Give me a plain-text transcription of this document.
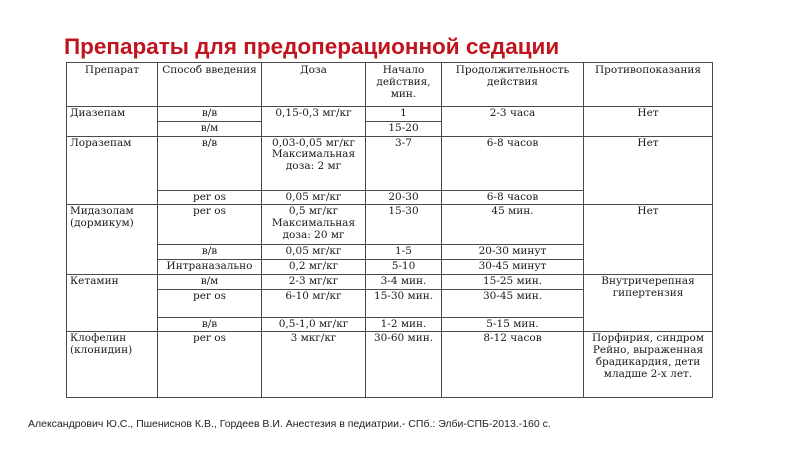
Препараты для предоперационной седации
Препарат	Способ введения	Доза	Начало действия, мин.	Продолжительность действия	Противопоказания
Диазепам	в/в	0,15-0,3 мг/кг	1	2-3 часа	Нет
	в/м		15-20		
Лоразепам	в/в	0,03-0,05 мг/кг Максимальная доза: 2 мг	3-7	6-8 часов	Нет
	per os	0,05 мг/кг	20-30	6-8 часов	
Мидазолам (дормикум)	per os	0,5 мг/кг Максимальная доза: 20 мг	15-30	45 мин.	Нет
	в/в	0,05 мг/кг	1-5	20-30 минут	
	Интраназально	0,2 мг/кг	5-10	30-45 минут	
Кетамин	в/м	2-3 мг/кг	3-4 мин.	15-25 мин.	Внутричерепная гипертензия
	per os	6-10 мг/кг	15-30 мин.	30-45 мин.	
	в/в	0,5-1,0 мг/кг	1-2 мин.	5-15 мин.	
Клофелин (клонидин)	per os	3 мкг/кг	30-60 мин.	8-12 часов	Порфирия, синдром Рейно, выраженная брадикардия, дети младше 2-х лет.
Александрович Ю.С., Пшениснов К.В., Гордеев В.И. Анестезия в педиатрии.- СПб.: Элби-СПБ-2013.-160 с.
